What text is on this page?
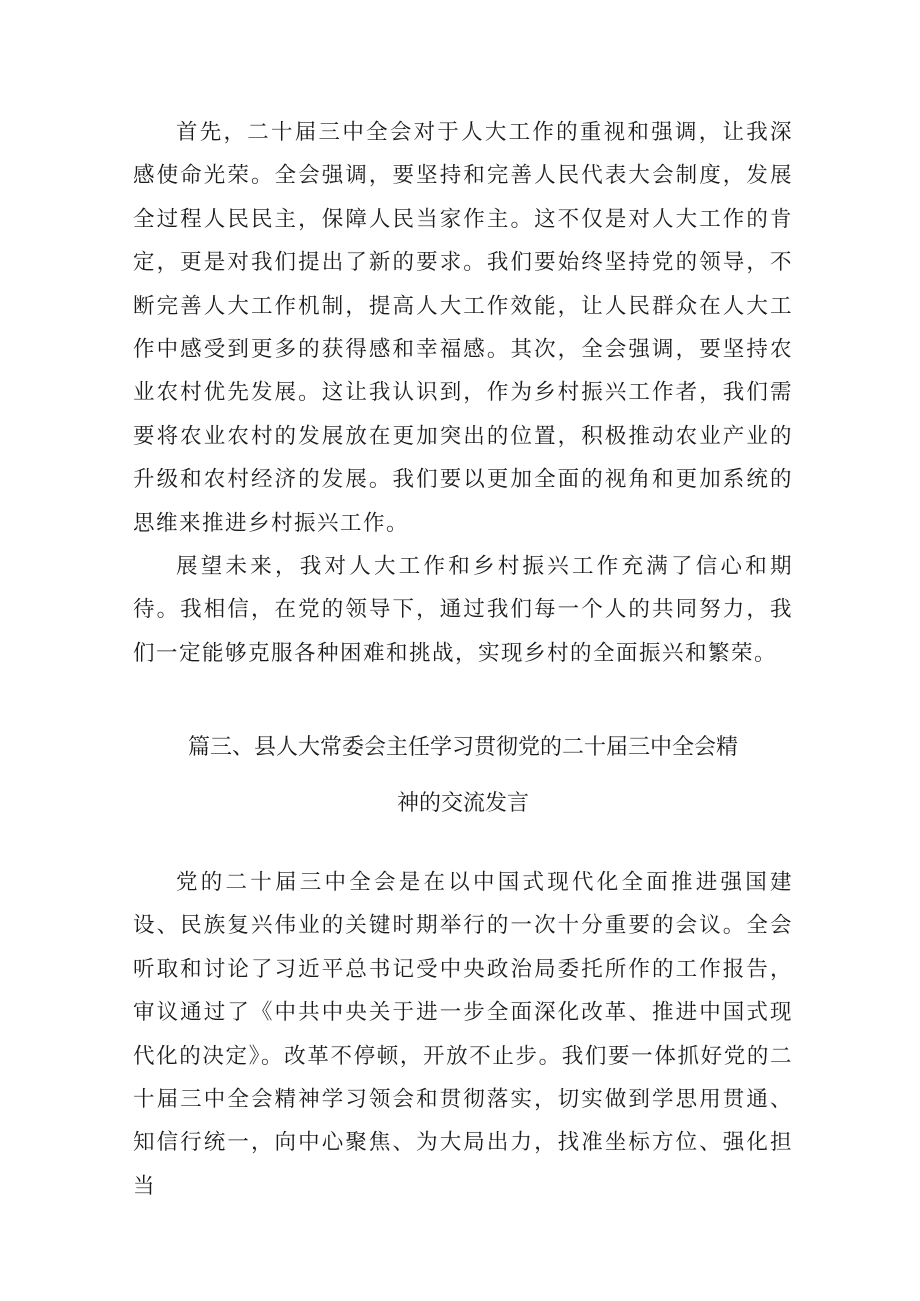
首先，二十届三中全会对于人大工作的重视和强调，让我深感使命光荣。全会强调，要坚持和完善人民代表大会制度，发展全过程人民民主，保障人民当家作主。这不仅是对人大工作的肯定，更是对我们提出了新的要求。我们要始终坚持党的领导，不断完善人大工作机制，提高人大工作效能，让人民群众在人大工作中感受到更多的获得感和幸福感。其次，全会强调，要坚持农业农村优先发展。这让我认识到，作为乡村振兴工作者，我们需要将农业农村的发展放在更加突出的位置，积极推动农业产业的升级和农村经济的发展。我们要以更加全面的视角和更加系统的思维来推进乡村振兴工作。

展望未来，我对人大工作和乡村振兴工作充满了信心和期待。我相信，在党的领导下，通过我们每一个人的共同努力，我们一定能够克服各种困难和挑战，实现乡村的全面振兴和繁荣。

篇三、县人大常委会主任学习贯彻党的二十届三中全会精
神的交流发言

党的二十届三中全会是在以中国式现代化全面推进强国建设、民族复兴伟业的关键时期举行的一次十分重要的会议。全会听取和讨论了习近平总书记受中央政治局委托所作的工作报告，审议通过了《中共中央关于进一步全面深化改革、推进中国式现代化的决定》。改革不停顿，开放不止步。我们要一体抓好党的二十届三中全会精神学习领会和贯彻落实，切实做到学思用贯通、知信行统一，向中心聚焦、为大局出力，找准坐标方位、强化担当
